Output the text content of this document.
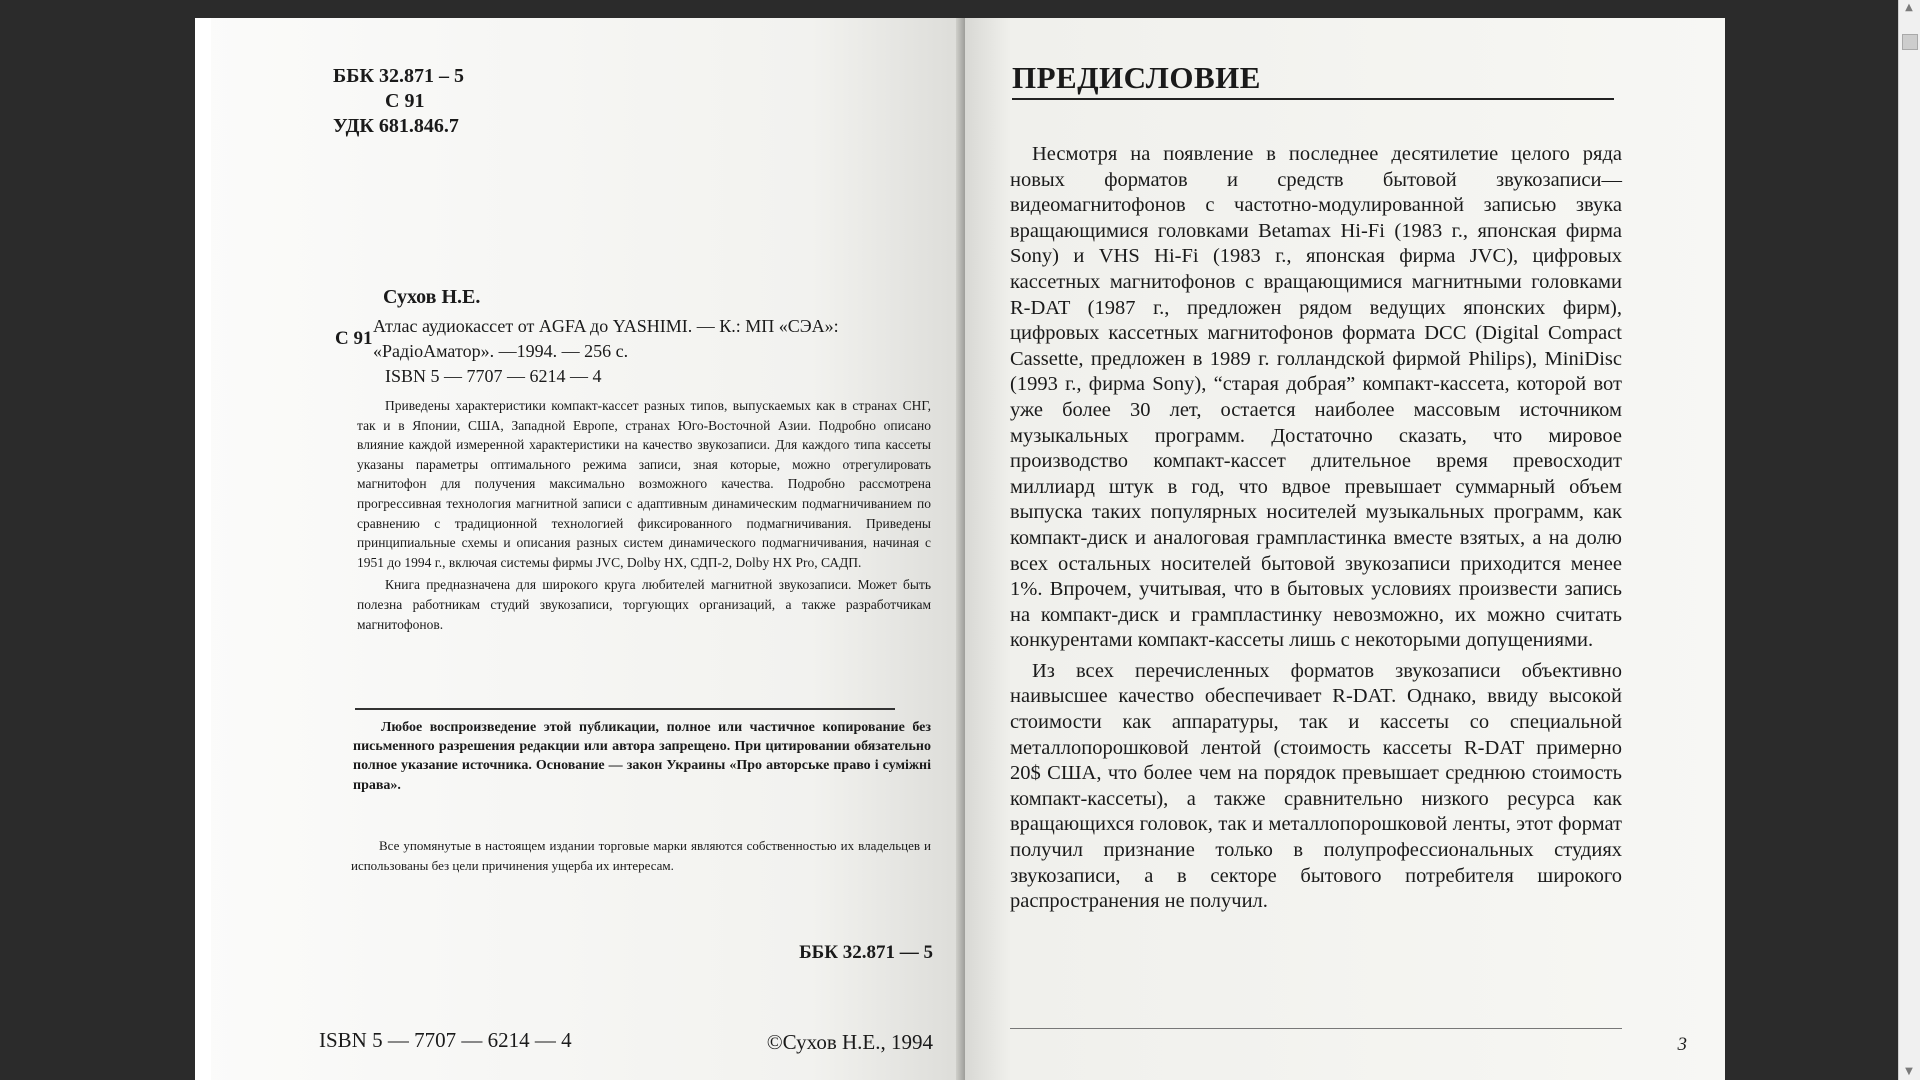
ББК 32.871 – 5
С 91
УДК 681.846.7
С 91
Сухов Н.Е.
Атлас аудиокассет от AGFA до YASHIMI. — К.: МП «СЭА»:
«РадіоАматор». —1994. — 256 с.
ISBN 5 — 7707 — 6214 — 4

Приведены характеристики компакт-кассет разных типов, выпускаемых как в странах СНГ, так и в Японии, США, Западной Европе, странах Юго-Восточной Азии. Подробно описано влияние каждой измеренной характеристики на качество звукозаписи. Для каждого типа кассеты указаны параметры оптимального режима записи, зная которые, можно отрегулировать магнитофон для получения максимально возможного качества. Подробно рассмотрена прогрессивная технология магнитной записи с адаптивным динамическим подмагничиванием по сравнению с традиционной технологией фиксированного подмагничивания. Приведены принципиальные схемы и описания разных систем динамического подмагничивания, начиная с 1951 до 1994 г., включая системы фирмы JVC, Dolby HX, СДП-2, Dolby HX Pro, САДП.

Книга предназначена для широкого круга любителей магнитной звукозаписи. Может быть полезна работникам студий звукозаписи, торгующих организаций, а также разработчикам магнитофонов.

Любое воспроизведение этой публикации, полное или частичное копирование без письменного разрешения редакции или автора запрещено. При цитировании обязательно полное указание источника. Основание — закон Украины «Про авторське право і суміжні права».

Все упомянутые в настоящем издании торговые марки являются собственностью их владельцев и использованы без цели причинения ущерба их интересам.

ББК 32.871 — 5
ISBN 5 — 7707 — 6214 — 4	©Сухов Н.Е., 1994
ПРЕДИСЛОВИЕ

Несмотря на появление в последнее десятилетие целого ряда новых форматов и средств бытовой звукозаписи— видеомагнитофонов с частотно-модулированной записью звука вращающимися головками Betamax Hi-Fi (1983 г., японская фирма Sony) и VHS Hi-Fi (1983 г., японская фирма JVC), цифровых кассетных магнитофонов с вращающимися магнитными головками R-DAT (1987 г., предложен рядом ведущих японских фирм), цифровых кассетных магнитофонов формата DCC (Digital Compact Cassette, предложен в 1989 г. голландской фирмой Philips), MiniDisc (1993 г., фирма Sony), “старая добрая” компакт-кассета, которой вот уже более 30 лет, остается наиболее массовым источником музыкальных программ. Достаточно сказать, что мировое производство компакт-кассет длительное время превосходит миллиард штук в год, что вдвое превышает суммарный объем выпуска таких популярных носителей музыкальных программ, как компакт-диск и аналоговая грампластинка вместе взятых, а на долю всех остальных носителей бытовой звукозаписи приходится менее 1%. Впрочем, учитывая, что в бытовых условиях произвести запись на компакт-диск и грампластинку невозможно, их можно считать конкурентами компакт-кассеты лишь с некоторыми допущениями.

Из всех перечисленных форматов звукозаписи объективно наивысшее качество обеспечивает R-DAT. Однако, ввиду высокой стоимости как аппаратуры, так и кассеты со специальной металлопорошковой лентой (стоимость кассеты R-DAT примерно 20$ США, что более чем на порядок превышает среднюю стоимость компакт-кассеты), а также сравнительно низкого ресурса как вращающихся головок, так и металлопорошковой ленты, этот формат получил признание только в полупрофессиональных студиях звукозаписи, а в секторе бытового потребителя широкого распространения не получил.

3
▲
▼
